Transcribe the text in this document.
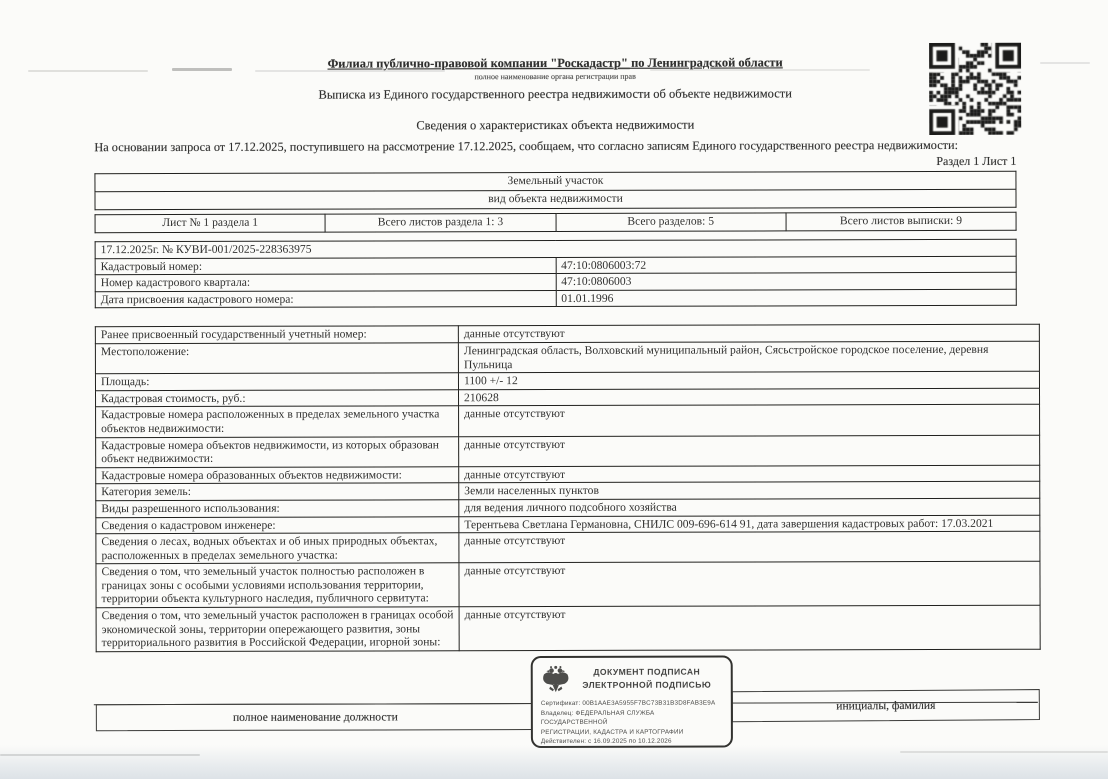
Филиал публично-правовой компании "Роскадастр" по Ленинградской области
полное наименование органа регистрации прав
Выписка из Единого государственного реестра недвижимости об объекте недвижимости
Сведения о характеристиках объекта недвижимости
На основании запроса от 17.12.2025, поступившего на рассмотрение 17.12.2025, сообщаем, что согласно записям Единого государственного реестра недвижимости:
Раздел 1 Лист 1
Земельный участок
вид объекта недвижимости
Лист № 1 раздела 1	Всего листов раздела 1: 3	Всего разделов: 5	Всего листов выписки: 9
17.12.2025г. № КУВИ-001/2025-228363975	
Кадастровый номер:	47:10:0806003:72
Номер кадастрового квартала:	47:10:0806003
Дата присвоения кадастрового номера:	01.01.1996
Ранее присвоенный государственный учетный номер:	данные отсутствуют
Местоположение:	Ленинградская область, Волховский муниципальный район, Сясьстройское городское поселение, деревня Пульница
Площадь:	1100 +/- 12
Кадастровая стоимость, руб.:	210628
Кадастровые номера расположенных в пределах земельного участка объектов недвижимости:	данные отсутствуют
Кадастровые номера объектов недвижимости, из которых образован объект недвижимости:	данные отсутствуют
Кадастровые номера образованных объектов недвижимости:	данные отсутствуют
Категория земель:	Земли населенных пунктов
Виды разрешенного использования:	для ведения личного подсобного хозяйства
Сведения о кадастровом инженере:	Терентьева Светлана Германовна, СНИЛС 009-696-614 91, дата завершения кадастровых работ: 17.03.2021
Сведения о лесах, водных объектах и об иных природных объектах, расположенных в пределах земельного участка:	данные отсутствуют
Сведения о том, что земельный участок полностью расположен в границах зоны с особыми условиями использования территории, территории объекта культурного наследия, публичного сервитута:	данные отсутствуют
Сведения о том, что земельный участок расположен в границах особой экономической зоны, территории опережающего развития, зоны территориального развития в Российской Федерации, игорной зоны:	данные отсутствуют
полное наименование должности
инициалы, фамилия
ДОКУМЕНТ ПОДПИСАН
ЭЛЕКТРОННОЙ ПОДПИСЬЮ
Сертификат: 00B1AAE3A5955F7BC73B31B3D8FAB3E9A
Владелец: ФЕДЕРАЛЬНАЯ СЛУЖБА ГОСУДАРСТВЕННОЙ
РЕГИСТРАЦИИ, КАДАСТРА И КАРТОГРАФИИ
Действителен: с 16.09.2025 по 10.12.2026
